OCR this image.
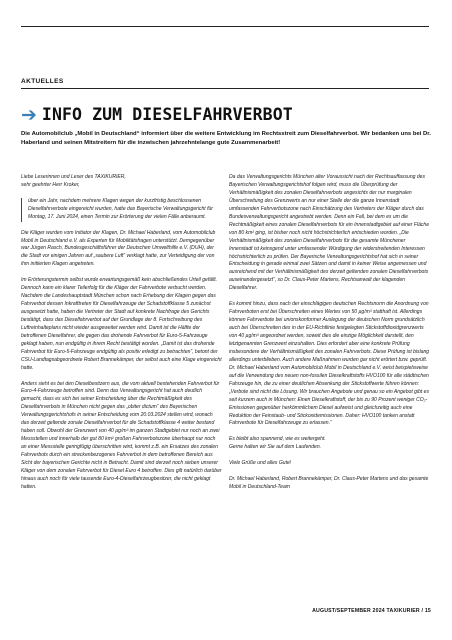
AKTUELLES
➔ INFO ZUM DIESELFAHRVERBOT
Die Automobilclub „Mobil in Deutschland“ informiert über die weitere Entwicklung im Rechtsstreit zum Dieselfahrverbot. Wir bedanken uns bei Dr. Haberland und seinen Mitstreitern für die inzwischen jahrzehntelange gute Zusammenarbeit!

Liebe Leserinnen und Leser des TAXIKURIER,
sehr geehrter Herr Kroker,

über ein Jahr, nachdem mehrere Klagen wegen der kurzfristig beschlossenen Dieselfahrverbote eingereicht wurden, hatte das Bayerische Verwaltungsgericht für Montag, 17. Juni 2024, einen Termin zur Erörterung der vielen Fälle anberaumt.

Die Kläger wurden vom Initiator der Klagen, Dr. Michael Haberland, vom Automobilclub Mobil in Deutschland e.V. als Experten für Mobilitätsfragen unterstützt. Demgegenüber war Jürgen Rasch, Bundesgeschäftsführer der Deutschen Umwelthilfe e.V. (DUH), der die Stadt vor einigen Jahren auf „saubere Luft“ verklagt hatte, zur Verteidigung der von ihm initiierten Klagen angetreten.

Im Erörterungstermin selbst wurde erwartungsgemäß kein abschließendes Urteil gefällt. Dennoch kann ein klarer Teilerfolg für die Kläger der Fahrverbote verbucht werden. Nachdem die Landeshauptstadt München schon nach Erhebung der Klagen gegen das Fahrverbot dessen Inkrafttreten für Dieselfahrzeuge der Schadstoffklasse 5 zunächst ausgesetzt hatte, haben die Vertreter der Stadt auf konkrete Nachfrage des Gerichts bestätigt, dass das Dieselfahrverbot auf der Grundlage der 8. Fortschreibung des Luftreinhalteplans nicht wieder ausgeweitet werden wird. Damit ist die Hälfte der betroffenen Dieselfahrer, die gegen das drohende Fahrverbot für Euro-5-Fahrzeuge geklagt haben, nun endgültig in ihrem Recht bestätigt worden. „Damit ist das drohende Fahrverbot für Euro-5-Fahrzeuge endgültig als positiv erledigt zu betrachten“, betont der CSU-Landtagsabgeordnete Robert Brannekämper, der selbst auch eine Klage eingereicht hatte.

Anders sieht es bei den Dieselbesitzern aus, die vom aktuell bestehenden Fahrverbot für Euro-4-Fahrzeuge betroffen sind. Denn das Verwaltungsgericht hat auch deutlich gemacht, dass es sich bei seiner Entscheidung über die Rechtmäßigkeit des Dieselfahrverbots in München nicht gegen das „obiter dictum“ des Bayerischen Verwaltungsgerichtshofs in seiner Entscheidung vom 20.03.2024 stellen wird, wonach das derzeit geltende zonale Dieselfahrverbot für die Schadstoffklasse 4 weiter bestand haben soll. Obwohl der Grenzwert von 40 µg/m³ im ganzen Stadtgebiet nur noch an zwei Messstellen und innerhalb der gut 80 km² großen Fahrverbotszone überhaupt nur noch an einer Messstelle geringfügig überschritten wird, kommt z.B. ein Ersatzes des zonalen Fahrverbots durch ein streckenbezogenes Fahrverbot in dem betroffenen Bereich aus Sicht der bayerischen Gerichte nicht in Betracht. Damit sind derzeit noch sieben unserer Kläger von dem zonalen Fahrverbot für Diesel Euro 4 betroffen. Dies gilt natürlich darüber hinaus auch noch für viele tausende Euro-4-Dieselfahrzeugbesitzer, die nicht geklagt hatten.

Da das Verwaltungsgerichts München alter Voraussicht nach der Rechtsauffassung des Bayerischen Verwaltungsgerichtshof folgen wird, muss die Überprüfung der Verhältnismäßigkeit des zonalen Dieselfahrverbots angesichts der nur marginalen Überschreitung des Grenzwerts an nur einer Stelle der die ganze Innenstadt umfassenden Fahrverbotszone nach Einschätzung des Vertreters der Kläger durch das Bundesverwaltungsgericht angestrebt werden. Denn ein Fall, bei dem es um die Rechtmäßigkeit eines zonalen Dieselfahrverbots für ein Innenstadtgebiet auf einer Fläche von 80 km² ging, ist bisher noch nicht höchstrichterlich entschieden worden. „Die Verhältnismäßigkeit des zonalen Dieselfahrverbots für die gesamte Münchener Innenstadt ist keinsgend unter umfassender Würdigung der widerstreitenden Interessen höchstrichterlich zu prüfen. Der Bayerische Verwaltungsgerichtshof hat sich in seiner Entscheidung in gerade einmal zwei Sätzen und damit in keiner Weise angemessen und ausreichend mit der Verhältnismäßigkeit des derzeit geltenden zonalen Dieselfahrverbots auseinandergesetzt“, so Dr. Claus-Peter Martens, Rechtsanwalt der klagenden Dieselfahrer.

Es kommt hinzu, dass nach der einschlägigen deutschen Rechtsnorm die Anordnung von Fahrverboten erst bei Überschreiten eines Wertes von 50 µg/m³ statthaft ist. Allerdings können Fahrverbote bei unionskonformer Auslegung der deutschen Norm grundsätzlich auch bei Überschreiten des in der EU-Richtlinie festgelegten Stickstoffdioxidgrenzwerts von 40 µg/m³ angeordnet werden, soweit dies die einzige Möglichkeit darstellt, den letztgenannten Grenzwert einzuhalten. Dies erfordert aber eine konkrete Prüfung insbesondere der Verhältnismäßigkeit des zonalen Fahrverbots. Diese Prüfung ist bislang allerdings unterblieben. Auch andere Maßnahmen wurden gar nicht erörtert bzw. geprüft. Dr. Michael Haberland vom Automobilclub Mobil in Deutschland e.V. weist beispielsweise auf die Verwendung des neuen non-fossilen Dieselkraftstoffs HVO100 für alle städtischen Fahrzeuge hin, die zu einer deutlichen Absenkung der Stickstoffwerte führen können: „Verbote sind nicht die Lösung. Wir brauchen Angebote und genau so ein Angebot gibt es seit kurzem auch in München: Einen Dieselkraftstoff, der bis zu 90 Prozent weniger CO₂-Emissionen gegenüber herkömmlichem Diesel aufweist und gleichzeitig auch eine Reduktion der Feinstaub- und Stickoxidemissionen. Daher: HVO100 tanken anstatt Fahrverbote für Dieselfahrzeuge zu erlassen.“

Es bleibt also spannend, wie es weitergeht.
Gerne halten wir Sie auf dem Laufenden.

Viele Grüße und alles Gute!

Dr. Michael Haberland, Robert Brannekämper, Dr. Claus-Peter Martens und das gesamte Mobil in Deutschland-Team

AUGUST/SEPTEMBER 2024 TAXIKURIER / 15
